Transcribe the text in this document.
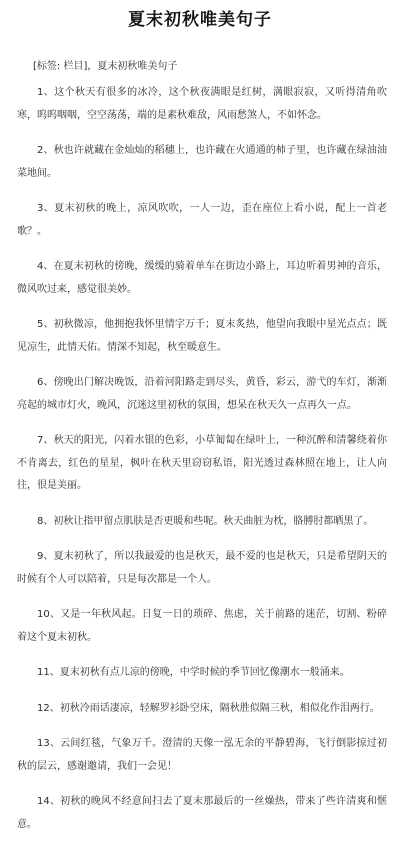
夏末初秋唯美句子
[标签: 栏目]，夏末初秋唯美句子

1、这个秋天有很多的冰冷，这个秋夜满眼是红树，满眼寂寂，又听得清角吹寒，呜呜咽咽，空空荡荡，端的是素秋难敌，风雨愁煞人，不如怀念。

2、秋也许就藏在金灿灿的稻穗上，也许藏在火通通的柿子里，也许藏在绿油油菜地间。

3、夏末初秋的晚上，凉风吹吹，一人一边，歪在座位上看小说，配上一首老歌？。

4、在夏末初秋的傍晚，缓缓的骑着单车在街边小路上，耳边听着男神的音乐，微风吹过来，感觉很美妙。

5、初秋微凉，他拥抱我怀里情字万千；夏末炙热，他望向我眼中星光点点；既见凉生，此情天佑。情深不知起，秋至暖意生。

6、傍晚出门解决晚饭，沿着河阳路走到尽头，黄昏，彩云，游弋的车灯，渐渐亮起的城市灯火，晚风，沉迷这里初秋的氛围，想呆在秋天久一点再久一点。

7、秋天的阳光，闪着水银的色彩，小草匍匐在绿叶上，一种沉醉和清馨绕着你不肯离去，红色的星星，枫叶在秋天里窃窃私语，阳光透过森林照在地上，让人向往，很是美丽。

8、初秋让指甲留点肌肤是否更暖和些呢。秋天曲脏为枕，胳膊肘都晒黑了。

9、夏末初秋了，所以我最爱的也是秋天，最不爱的也是秋天，只是希望阴天的时候有个人可以陪着，只是每次都是一个人。

10、又是一年秋风起。日复一日的琐碎、焦虑，关于前路的迷茫，切割、粉碎着这个夏末初秋。

11、夏末初秋有点儿凉的傍晚，中学时候的季节回忆像潮水一般涌来。

12、初秋冷雨话凄凉，轻解罗衫卧空床，隔秋胜似隔三秋，相似化作泪两行。

13、云间红毯，气象万千。澄清的天像一泓无余的平静碧海，飞行倒影掠过初秋的层云，感谢邀请，我们一会见！

14、初秋的晚风不经意间扫去了夏末那最后的一丝燥热，带来了些许清爽和惬意。
